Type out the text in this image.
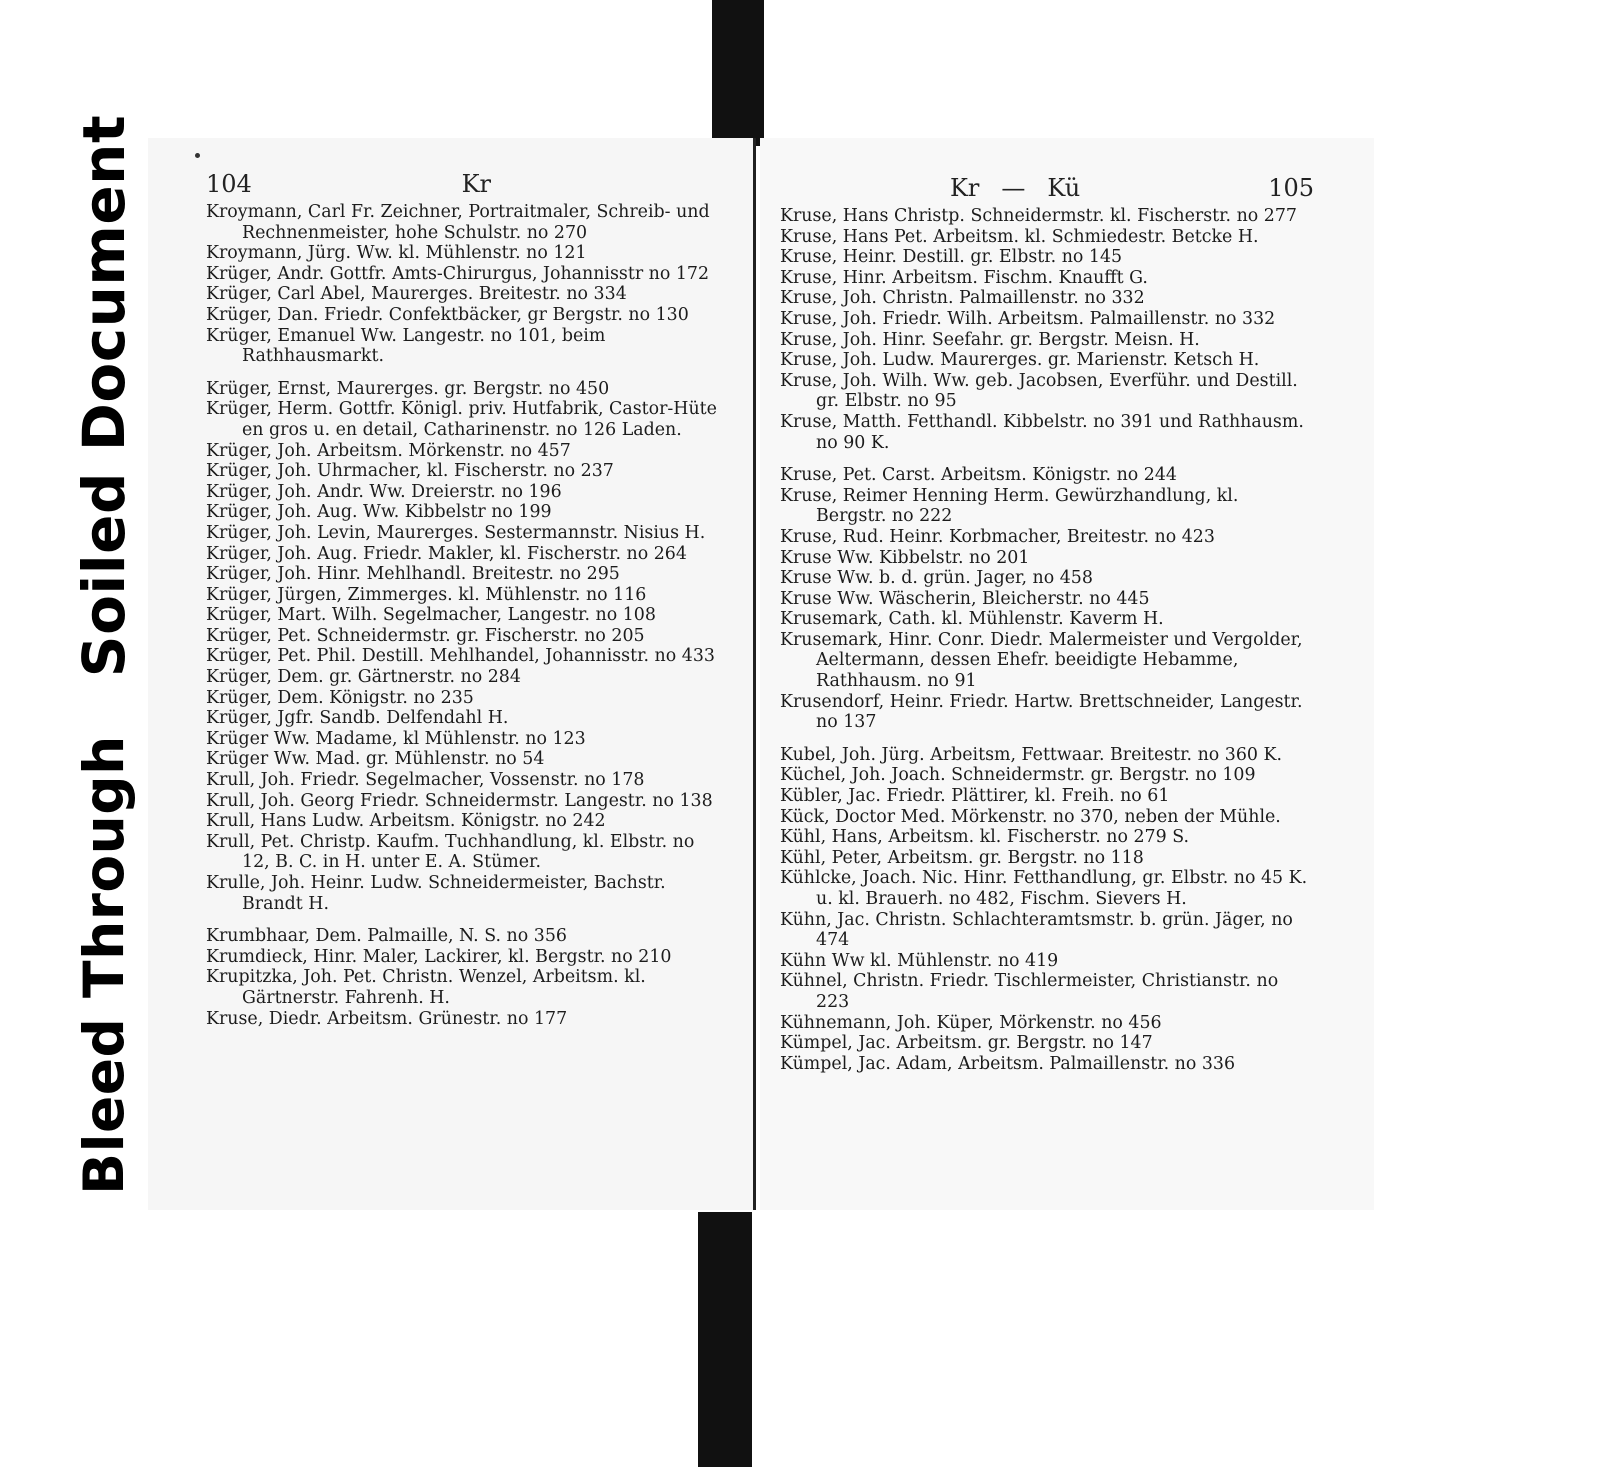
Soiled Document
Bleed Through
104	Kr

Kroymann, Carl Fr. Zeichner, Portraitmaler, Schreib- und Rechnenmeister, hohe Schulstr. no 270

Kroymann, Jürg. Ww. kl. Mühlenstr. no 121

Krüger, Andr. Gottfr. Amts-Chirurgus, Johannisstr no 172

Krüger, Carl Abel, Maurerges. Breitestr. no 334

Krüger, Dan. Friedr. Confektbäcker, gr Bergstr. no 130

Krüger, Emanuel Ww. Langestr. no 101, beim Rathhausmarkt.

Krüger, Ernst, Maurerges. gr. Bergstr. no 450

Krüger, Herm. Gottfr. Königl. priv. Hutfabrik, Castor-Hüte en gros u. en detail, Catharinenstr. no 126 Laden.

Krüger, Joh. Arbeitsm. Mörkenstr. no 457

Krüger, Joh. Uhrmacher, kl. Fischerstr. no 237

Krüger, Joh. Andr. Ww. Dreierstr. no 196

Krüger, Joh. Aug. Ww. Kibbelstr no 199

Krüger, Joh. Levin, Maurerges. Sestermannstr. Nisius H.

Krüger, Joh. Aug. Friedr. Makler, kl. Fischerstr. no 264

Krüger, Joh. Hinr. Mehlhandl. Breitestr. no 295

Krüger, Jürgen, Zimmerges. kl. Mühlenstr. no 116

Krüger, Mart. Wilh. Segelmacher, Langestr. no 108

Krüger, Pet. Schneidermstr. gr. Fischerstr. no 205

Krüger, Pet. Phil. Destill. Mehlhandel, Johannisstr. no 433

Krüger, Dem. gr. Gärtnerstr. no 284

Krüger, Dem. Königstr. no 235

Krüger, Jgfr. Sandb. Delfendahl H.

Krüger Ww. Madame, kl Mühlenstr. no 123

Krüger Ww. Mad. gr. Mühlenstr. no 54

Krull, Joh. Friedr. Segelmacher, Vossenstr. no 178

Krull, Joh. Georg Friedr. Schneidermstr. Langestr. no 138

Krull, Hans Ludw. Arbeitsm. Königstr. no 242

Krull, Pet. Christp. Kaufm. Tuchhandlung, kl. Elbstr. no 12, B. C. in H. unter E. A. Stümer.

Krulle, Joh. Heinr. Ludw. Schneidermeister, Bachstr. Brandt H.

Krumbhaar, Dem. Palmaille, N. S. no 356

Krumdieck, Hinr. Maler, Lackirer, kl. Bergstr. no 210

Krupitzka, Joh. Pet. Christn. Wenzel, Arbeitsm. kl. Gärtnerstr. Fahrenh. H.

Kruse, Diedr. Arbeitsm. Grünestr. no 177

Kr — Kü	105

Kruse, Hans Christp. Schneidermstr. kl. Fischerstr. no 277

Kruse, Hans Pet. Arbeitsm. kl. Schmiedestr. Betcke H.

Kruse, Heinr. Destill. gr. Elbstr. no 145

Kruse, Hinr. Arbeitsm. Fischm. Knaufft G.

Kruse, Joh. Christn. Palmaillenstr. no 332

Kruse, Joh. Friedr. Wilh. Arbeitsm. Palmaillenstr. no 332

Kruse, Joh. Hinr. Seefahr. gr. Bergstr. Meisn. H.

Kruse, Joh. Ludw. Maurerges. gr. Marienstr. Ketsch H.

Kruse, Joh. Wilh. Ww. geb. Jacobsen, Everführ. und Destill. gr. Elbstr. no 95

Kruse, Matth. Fetthandl. Kibbelstr. no 391 und Rathhausm. no 90 K.

Kruse, Pet. Carst. Arbeitsm. Königstr. no 244

Kruse, Reimer Henning Herm. Gewürzhandlung, kl. Bergstr. no 222

Kruse, Rud. Heinr. Korbmacher, Breitestr. no 423

Kruse Ww. Kibbelstr. no 201

Kruse Ww. b. d. grün. Jager, no 458

Kruse Ww. Wäscherin, Bleicherstr. no 445

Krusemark, Cath. kl. Mühlenstr. Kaverm H.

Krusemark, Hinr. Conr. Diedr. Malermeister und Vergolder, Aeltermann, dessen Ehefr. beeidigte Hebamme, Rathhausm. no 91

Krusendorf, Heinr. Friedr. Hartw. Brettschneider, Langestr. no 137

Kubel, Joh. Jürg. Arbeitsm, Fettwaar. Breitestr. no 360 K.

Küchel, Joh. Joach. Schneidermstr. gr. Bergstr. no 109

Kübler, Jac. Friedr. Plättirer, kl. Freih. no 61

Kück, Doctor Med. Mörkenstr. no 370, neben der Mühle.

Kühl, Hans, Arbeitsm. kl. Fischerstr. no 279 S.

Kühl, Peter, Arbeitsm. gr. Bergstr. no 118

Kühlcke, Joach. Nic. Hinr. Fetthandlung, gr. Elbstr. no 45 K. u. kl. Brauerh. no 482, Fischm. Sievers H.

Kühn, Jac. Christn. Schlachteramtsmstr. b. grün. Jäger, no 474

Kühn Ww kl. Mühlenstr. no 419

Kühnel, Christn. Friedr. Tischlermeister, Christianstr. no 223

Kühnemann, Joh. Küper, Mörkenstr. no 456

Kümpel, Jac. Arbeitsm. gr. Bergstr. no 147

Kümpel, Jac. Adam, Arbeitsm. Palmaillenstr. no 336
